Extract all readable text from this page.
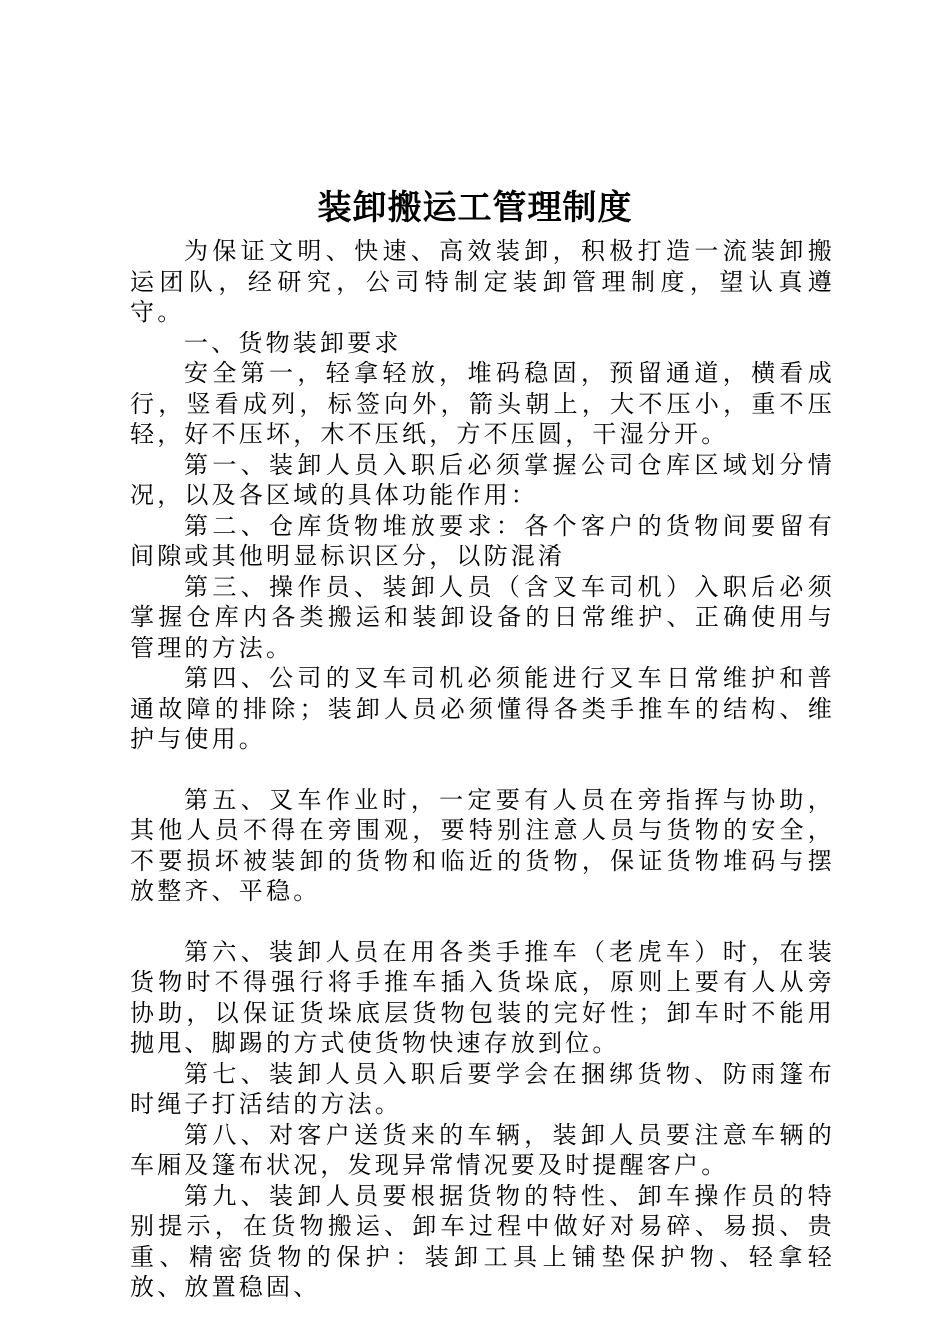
装卸搬运工管理制度

为保证文明、快速、高效装卸，积极打造一流装卸搬运团队，经研究，公司特制定装卸管理制度，望认真遵守。

一、货物装卸要求

安全第一，轻拿轻放，堆码稳固，预留通道，横看成行，竖看成列，标签向外，箭头朝上，大不压小，重不压轻，好不压坏，木不压纸，方不压圆，干湿分开。

第一、装卸人员入职后必须掌握公司仓库区域划分情况，以及各区域的具体功能作用：

第二、仓库货物堆放要求：各个客户的货物间要留有间隙或其他明显标识区分，以防混淆

第三、操作员、装卸人员（含叉车司机）入职后必须掌握仓库内各类搬运和装卸设备的日常维护、正确使用与管理的方法。

第四、公司的叉车司机必须能进行叉车日常维护和普通故障的排除；装卸人员必须懂得各类手推车的结构、维护与使用。

第五、叉车作业时，一定要有人员在旁指挥与协助，其他人员不得在旁围观，要特别注意人员与货物的安全，不要损坏被装卸的货物和临近的货物，保证货物堆码与摆放整齐、平稳。

第六、装卸人员在用各类手推车（老虎车）时，在装货物时不得强行将手推车插入货垛底，原则上要有人从旁协助，以保证货垛底层货物包装的完好性；卸车时不能用抛甩、脚踢的方式使货物快速存放到位。

第七、装卸人员入职后要学会在捆绑货物、防雨篷布时绳子打活结的方法。

第八、对客户送货来的车辆，装卸人员要注意车辆的车厢及篷布状况，发现异常情况要及时提醒客户。

第九、装卸人员要根据货物的特性、卸车操作员的特别提示，在货物搬运、卸车过程中做好对易碎、易损、贵重、精密货物的保护：装卸工具上铺垫保护物、轻拿轻放、放置稳固、
